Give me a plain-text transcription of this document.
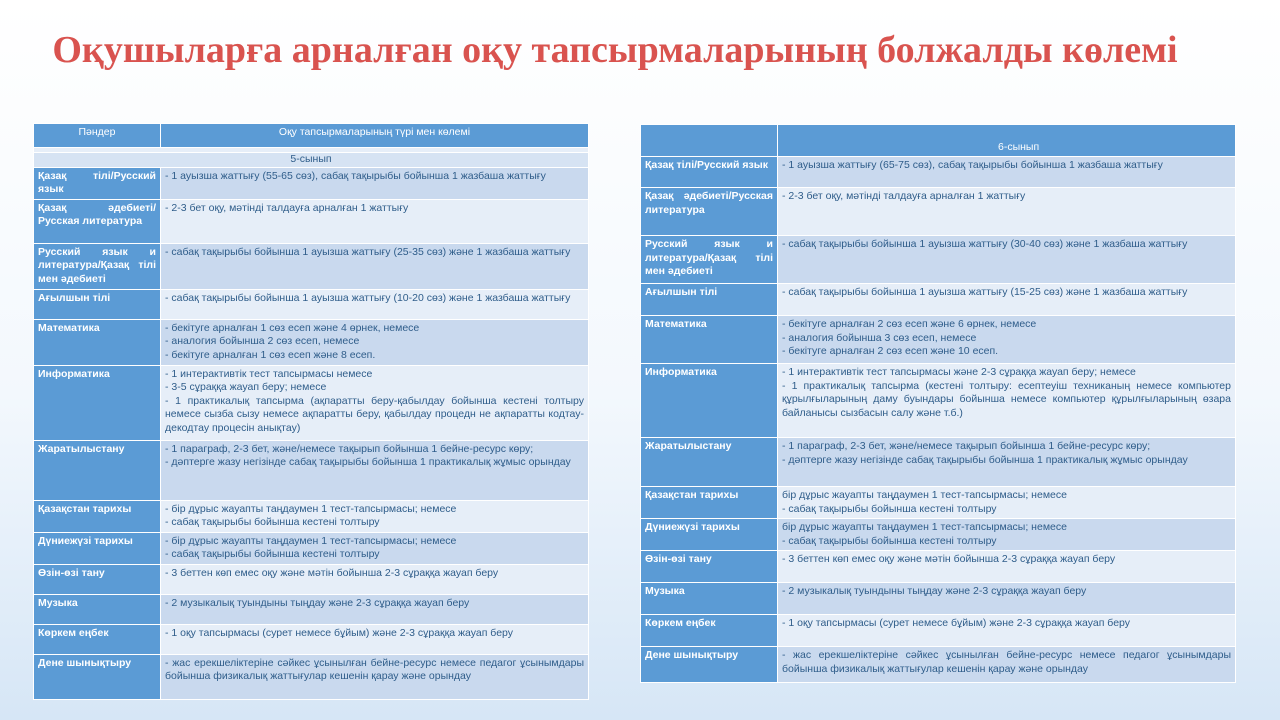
Оқушыларға арналған оқу тапсырмаларының болжалды көлемі
Пәндер	Оқу тапсырмаларының түрі мен көлемі

5-сынып	
Қазақ тілі/Русский язык	- 1 ауызша жаттығу (55-65 сөз), сабақ тақырыбы бойынша 1 жазбаша жаттығу

Қазақ әдебиеті/Русская литература	- 2-3 бет оқу, мәтінді талдауға арналған 1 жаттығу

Русский язык и литература/Қазақ тілі мен әдебиеті	- сабақ тақырыбы бойынша 1 ауызша жаттығу (25-35 сөз) және 1 жазбаша жаттығу

Ағылшын тілі	- сабақ тақырыбы бойынша 1 ауызша жаттығу (10-20 сөз) және 1 жазбаша жаттығу

Математика	- бекітуге арналған 1 сөз есеп және 4 өрнек, немесе
- аналогия бойынша 2 сөз есеп, немесе
- бекітуге арналған 1 сөз есеп және 8 есеп.

Информатика	- 1 интерактивтік тест тапсырмасы немесе
- 3-5 сұраққа жауап беру; немесе
- 1 практикалық тапсырма (ақпаратты беру-қабылдау бойынша кестені толтыру немесе сызба сызу немесе ақпаратты беру, қабылдау процедн не ақпаратты кодтау-декодтау процесін анықтау)

Жаратылыстану	- 1 параграф, 2-3 бет, және/немесе тақырып бойынша 1 бейне-ресурс көру;
- дәптерге жазу негізінде сабақ тақырыбы бойынша 1 практикалық жұмыс орындау

Қазақстан тарихы	- бір дұрыс жауапты таңдаумен 1 тест-тапсырмасы; немесе
- сабақ тақырыбы бойынша кестені толтыру

Дүниежүзі тарихы	- бір дұрыс жауапты таңдаумен 1 тест-тапсырмасы; немесе
- сабақ тақырыбы бойынша кестені толтыру

Өзін-өзі тану	- 3 беттен көп емес оқу және мәтін бойынша 2-3 сұраққа жауап беру

Музыка	- 2 музыкалық туындыны тыңдау және 2-3 сұраққа жауап беру

Көркем еңбек	- 1 оқу тапсырмасы (сурет немесе бұйым) және 2-3 сұраққа жауап беру

Дене шынықтыру	- жас ерекшеліктеріне сәйкес ұсынылған бейне-ресурс немесе педагог ұсынымдары бойынша физикалық жаттығулар кешенін қарау және орындау
	6-сынып
Қазақ тілі/Русский язык	- 1 ауызша жаттығу (65-75 сөз), сабақ тақырыбы бойынша 1 жазбаша жаттығу

Қазақ әдебиеті/Русская литература	- 2-3 бет оқу, мәтінді талдауға арналған 1 жаттығу

Русский язык и литература/Қазақ тілі мен әдебиеті	- сабақ тақырыбы бойынша 1 ауызша жаттығу (30-40 сөз) және 1 жазбаша жаттығу

Ағылшын тілі	- сабақ тақырыбы бойынша 1 ауызша жаттығу (15-25 сөз) және 1 жазбаша жаттығу

Математика	- бекітуге арналған 2 сөз есеп және 6 өрнек, немесе
- аналогия бойынша 3 сөз есеп, немесе
- бекітуге арналған 2 сөз есеп және 10 есеп.

Информатика	- 1 интерактивтік тест тапсырмасы және 2-3 сұраққа жауап беру; немесе
- 1 практикалық тапсырма (кестені толтыру: есептеуіш техниканың немесе компьютер құрылғыларының даму буындары бойынша немесе компьютер құрылғыларының өзара байланысы сызбасын салу және т.б.)

Жаратылыстану	- 1 параграф, 2-3 бет, және/немесе тақырып бойынша 1 бейне-ресурс көру;
- дәптерге жазу негізінде сабақ тақырыбы бойынша 1 практикалық жұмыс орындау

Қазақстан тарихы	бір дұрыс жауапты таңдаумен 1 тест-тапсырмасы; немесе
- сабақ тақырыбы бойынша кестені толтыру

Дүниежүзі тарихы	бір дұрыс жауапты таңдаумен 1 тест-тапсырмасы; немесе
- сабақ тақырыбы бойынша кестені толтыру

Өзін-өзі тану	- 3 беттен көп емес оқу және мәтін бойынша 2-3 сұраққа жауап беру

Музыка	- 2 музыкалық туындыны тыңдау және 2-3 сұраққа жауап беру

Көркем еңбек	- 1 оқу тапсырмасы (сурет немесе бұйым) және 2-3 сұраққа жауап беру

Дене шынықтыру	- жас ерекшеліктеріне сәйкес ұсынылған бейне-ресурс немесе педагог ұсынымдары бойынша физикалық жаттығулар кешенін қарау және орындау
